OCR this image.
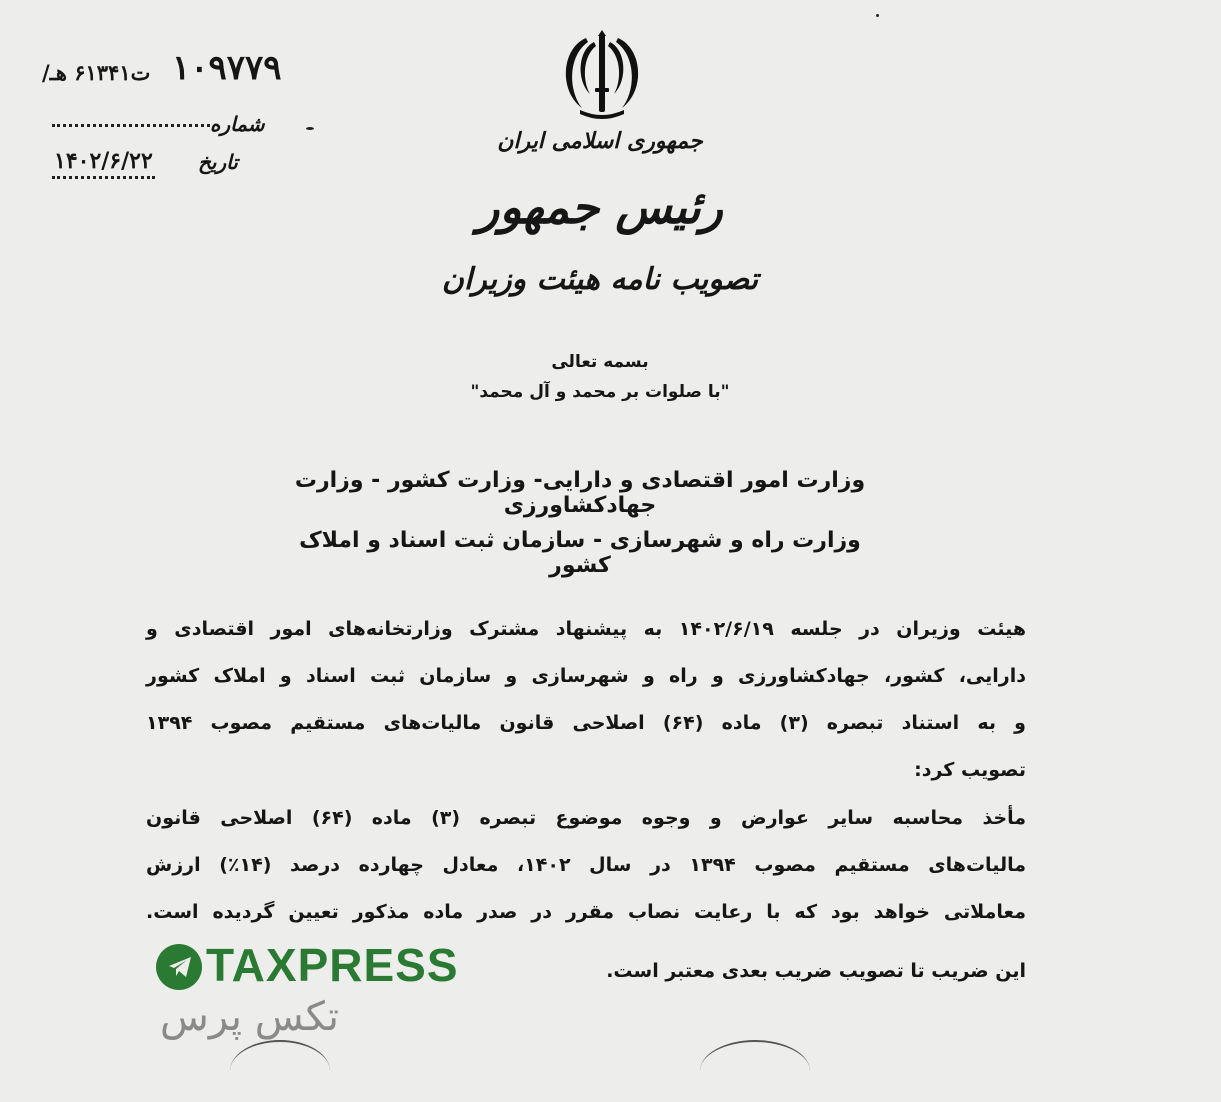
ت۶۱۳۴۱ هـ/ ۱۰۹۷۷۹
شماره
تاریخ
۱۴۰۲/۶/۲۲
جمهوری اسلامی ایران
رئیس جمهور
تصویب نامه هیئت وزیران
بسمه تعالی
"با صلوات بر محمد و آل محمد"
وزارت امور اقتصادی و دارایی- وزارت کشور - وزارت جهادکشاورزی
وزارت راه و شهرسازی - سازمان ثبت اسناد و املاک کشور
هیئت وزیران در جلسه ۱۴۰۲/۶/۱۹ به پیشنهاد مشترک وزارتخانه‌های امور اقتصادی و
دارایی، کشور، جهادکشاورزی و راه و شهرسازی و سازمان ثبت اسناد و املاک کشور
و به استناد تبصره (۳) ماده (۶۴) اصلاحی قانون مالیات‌های مستقیم مصوب ۱۳۹۴
تصویب کرد:
مأخذ محاسبه سایر عوارض و وجوه موضوع تبصره (۳) ماده (۶۴) اصلاحی قانون
مالیات‌های مستقیم مصوب ۱۳۹۴ در سال ۱۴۰۲، معادل چهارده درصد (۱۴٪) ارزش
معاملاتی خواهد بود که با رعایت نصاب مقرر در صدر ماده مذکور تعیین گردیده است.
این ضریب تا تصویب ضریب بعدی معتبر است.
TAXPRESS
تکس پرس
